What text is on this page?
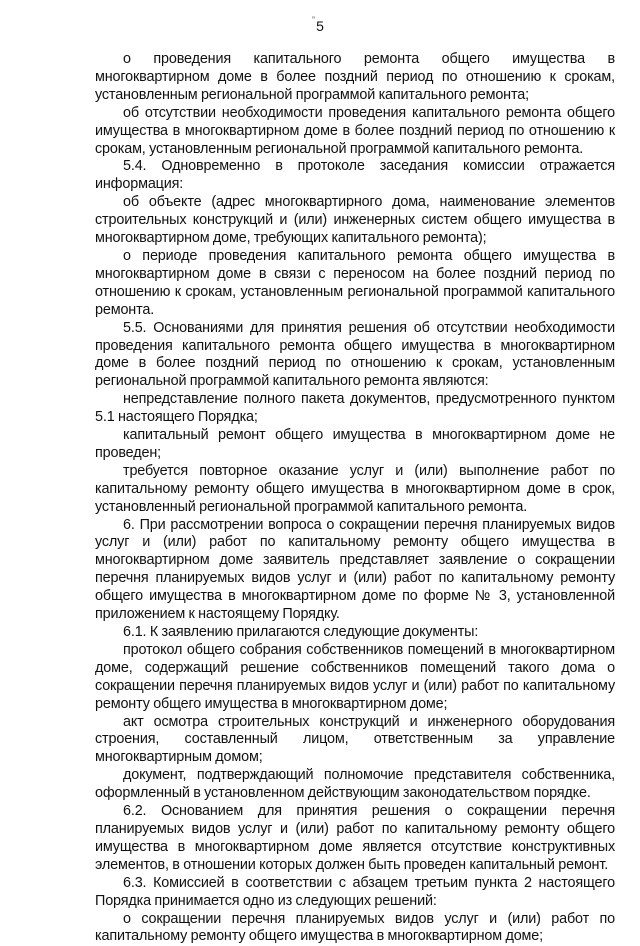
” 5

о проведения капитального ремонта общего имущества в многоквартирном доме в более поздний период по отношению к срокам, установленным региональной программой капитального ремонта;

об отсутствии необходимости проведения капитального ремонта общего имущества в многоквартирном доме в более поздний период по отношению к срокам, установленным региональной программой капитального ремонта.

5.4. Одновременно в протоколе заседания комиссии отражается информация:

об объекте (адрес многоквартирного дома, наименование элементов строительных конструкций и (или) инженерных систем общего имущества в многоквартирном доме, требующих капитального ремонта);

о периоде проведения капитального ремонта общего имущества в многоквартирном доме в связи с переносом на более поздний период по отношению к срокам, установленным региональной программой капитального ремонта.

5.5. Основаниями для принятия решения об отсутствии необходимости проведения капитального ремонта общего имущества в многоквартирном доме в более поздний период по отношению к срокам, установленным региональной программой капитального ремонта являются:

непредставление полного пакета документов, предусмотренного пунктом 5.1 настоящего Порядка;

капитальный ремонт общего имущества в многоквартирном доме не проведен;

требуется повторное оказание услуг и (или) выполнение работ по капитальному ремонту общего имущества в многоквартирном доме в срок, установленный региональной программой капитального ремонта.

6. При рассмотрении вопроса о сокращении перечня планируемых видов услуг и (или) работ по капитальному ремонту общего имущества в многоквартирном доме заявитель представляет заявление о сокращении перечня планируемых видов услуг и (или) работ по капитальному ремонту общего имущества в многоквартирном доме по форме № 3, установленной приложением к настоящему Порядку.

6.1. К заявлению прилагаются следующие документы:

протокол общего собрания собственников помещений в многоквартирном доме, содержащий решение собственников помещений такого дома о сокращении перечня планируемых видов услуг и (или) работ по капитальному ремонту общего имущества в многоквартирном доме;

акт осмотра строительных конструкций и инженерного оборудования строения, составленный лицом, ответственным за управление многоквартирным домом;

документ, подтверждающий полномочие представителя собственника, оформленный в установленном действующим законодательством порядке.

6.2. Основанием для принятия решения о сокращении перечня планируемых видов услуг и (или) работ по капитальному ремонту общего имущества в многоквартирном доме является отсутствие конструктивных элементов, в отношении которых должен быть проведен капитальный ремонт.

6.3. Комиссией в соответствии с абзацем третьим пункта 2 настоящего Порядка принимается одно из следующих решений:

о сокращении перечня планируемых видов услуг и (или) работ по капитальному ремонту общего имущества в многоквартирном доме;
